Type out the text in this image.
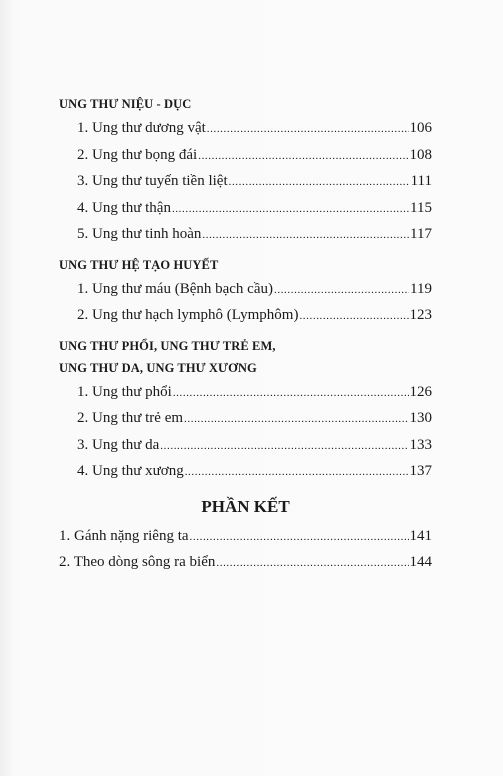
UNG THƯ NIỆU - DỤC
1. Ung thư dương vật .....	106
2. Ung thư bọng đái .....	108
3. Ung thư tuyến tiền liệt .....	111
4. Ung thư thận .....	115
5. Ung thư tinh hoàn .....	117
UNG THƯ HỆ TẠO HUYẾT
1. Ung thư máu (Bệnh bạch cầu) .....	119
2. Ung thư hạch lymphô (Lymphôm) .....	123
UNG THƯ PHỔI, UNG THƯ TRẺ EM,
UNG THƯ DA, UNG THƯ XƯƠNG
1. Ung thư phổi .....	126
2. Ung thư trẻ em .....	130
3. Ung thư da .....	133
4. Ung thư xương .....	137
PHẦN KẾT
1. Gánh nặng riêng ta .....	141
2. Theo dòng sông ra biển .....	144
